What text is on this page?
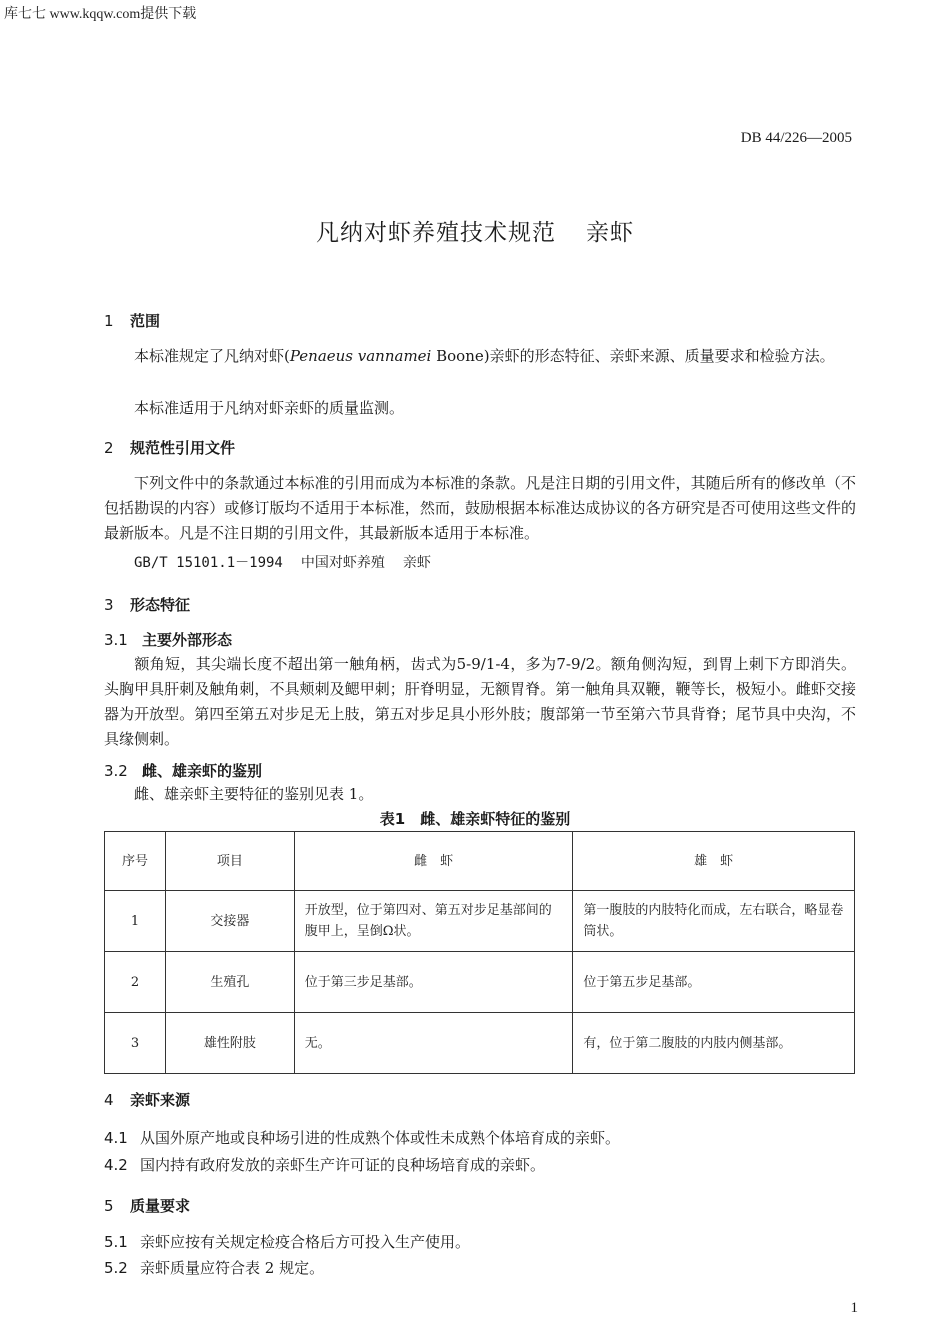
库七七 www.kqqw.com提供下载
DB 44/226—2005
凡纳对虾养殖技术规范 亲虾
1 范围
本标准规定了凡纳对虾(Penaeus vannamei Boone)亲虾的形态特征、亲虾来源、质量要求和检验方法。
本标准适用于凡纳对虾亲虾的质量监测。
2 规范性引用文件
下列文件中的条款通过本标准的引用而成为本标准的条款。凡是注日期的引用文件，其随后所有的修改单（不包括勘误的内容）或修订版均不适用于本标准，然而，鼓励根据本标准达成协议的各方研究是否可使用这些文件的最新版本。凡是不注日期的引用文件，其最新版本适用于本标准。
GB/T 15101.1－1994 中国对虾养殖 亲虾
3 形态特征
3.1 主要外部形态
额角短，其尖端长度不超出第一触角柄，齿式为5-9/1-4，多为7-9/2。额角侧沟短，到胃上刺下方即消失。头胸甲具肝刺及触角刺，不具颊刺及鳃甲刺；肝脊明显，无额胃脊。第一触角具双鞭，鞭等长，极短小。雌虾交接器为开放型。第四至第五对步足无上肢，第五对步足具小形外肢；腹部第一节至第六节具背脊；尾节具中央沟，不具缘侧刺。
3.2 雌、雄亲虾的鉴别
雌、雄亲虾主要特征的鉴别见表 1。
表1　 雌、雄亲虾特征的鉴别
序号	项目	雌　虾	雄　虾
1	交接器	开放型，位于第四对、第五对步足基部间的腹甲上，呈倒Ω状。	第一腹肢的内肢特化而成，左右联合，略显卷筒状。
2	生殖孔	位于第三步足基部。	位于第五步足基部。
3	雄性附肢	无。	有，位于第二腹肢的内肢内侧基部。
4 亲虾来源
4.1 从国外原产地或良种场引进的性成熟个体或性未成熟个体培育成的亲虾。
4.2 国内持有政府发放的亲虾生产许可证的良种场培育成的亲虾。
5 质量要求
5.1 亲虾应按有关规定检疫合格后方可投入生产使用。
5.2 亲虾质量应符合表 2 规定。
1
